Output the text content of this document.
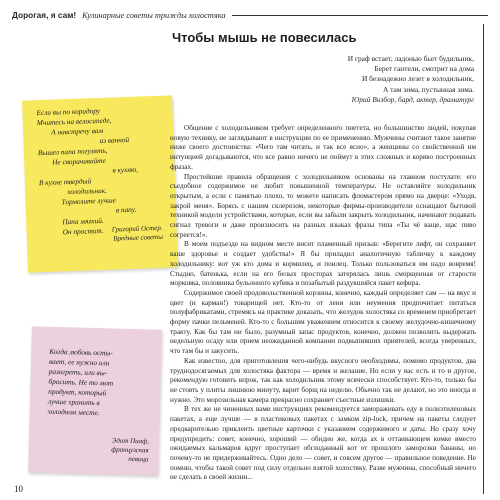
Дорогая, я сам! Кулинарные советы трижды холостяка
Если вы по коридору
Мчитесь на велосипеде,
А навстречу вам
из ванной
Вышел папа погулять,
Не сворачивайте
в кухню,
В кухне твердый
холодильник.
Тормозите лучше
в папу.
Папа мягкий.
Он простит.	Григорий Остер.
Вредные советы
Когда любовь осты-
вает, ее нужно или
разогреть, или вы-
бросить. Не то мот
продукт, который
лучше хранить в
холодном месте.
Эдит Пиаф,
французская
певица
Чтобы мышь не повесилась
И граф встает, ладонью бьет будильник,
Берет гантели, смотрит на дома
И безнадежно лезет в холодильник,
А там зима, пустынная зима.
Юрий Визбор, бард, актер, драматург

Общение с холодильником требует определенного пиетета, но большинство людей, покупая новую технику, не заглядывают в инструкции по ее применению. Мужчины считают такое занятие ниже своего достоинства: «Чего там читать, и так все ясно», а женщины со свойственной им интуицией догадываются, что все равно ничего не поймут в этих сложных и коряво построенных фразах.

Простейшие правила обращения с холодильником основаны на главном постулате: его съедобное содержимое не любит повышенной температуры. Не оставляйте холодильник открытым, а если с памятью плохо, то можете написать фломастером прямо на дверце: «Уходя, закрой меня». Борясь с нашим склерозом, некоторые фирмы-производители оснащают бытовой техникой модели устройствами, которые, если вы забыли закрыть холодильник, начинают подавать сигнал тревоги и даже произносить на разных языках фразы типа «Ты чё ваще, щас пиво согреется!».

В моем подъезде на видном месте висит пламенный призыв: «Берегите лифт, он сохраняет ваше здоровье и создает удобства!» Я бы приладил аналогичную табличку к каждому холодильнику: вот уж кто дома и кормилец, и поилец. Только пользоваться им надо вовремя! Стыдно, батенька, если на его белых просторах затерялась лишь сморщенная от старости морковка, половинка бульонного кубика и позабытый раздувшийся пакет кефира.

Содержимое своей продовольственной корзины, конечно, каждый определяет сам — на вкус и цвет (и карман!) товарищей нет. Кто-то от лени или неумения предпочитает питаться полуфабрикатами, стремясь на практике доказать, что желудок холостяка со временем приобретает форму пачки пельменей. Кто-то с большим уважением относится к своему желудочно-кишечному тракту. Как бы там ни было, разумный запас продуктов, конечно, должен позволить выдержать недельную осаду или прием неожиданной компании подвыпивших приятелей, всегда уверенных, что там бы и закусить.

Как известно, для приготовления чего-нибудь вкусного необходимы, помимо продуктов, два труднодосягаемых для холостяка фактора — время и желание. Но если у вас есть и то и другое, рекомендую готовить впрок, так как холодильник этому всячески способствует. Кто-то, только бы не стоять у плиты лишнюю минуту, варит борщ на неделю. Обычно так не делают, но это иногда и нужно. Это морозильная камера прекрасно сохраняет съестные излишки.

В тех же не чиненных вами инструкциях рекомендуется замораживать еду в полиэтиленовых пакетах, а еще лучше — в пластиковых пакетах с замком zip-lock, причем на пакеты следует предварительно приклеить цветные карточки с указанием содержимого и даты. Но сразу хочу предупредить: совет, конечно, хороший — обидно же, когда ах в оттаивающем комке вместо ожидаемых кальмаров вдруг проступает обглоданный кот от прошлого заморозки бананы, но почему-то не придерживайтесь. Одно дело — совет, и совсем другое — правильное поведение. Не помню, чтобы такой совет под силу отдельно взятой холостяку. Разве мужчина, способный ничего не сделать в своей жизни...

10
